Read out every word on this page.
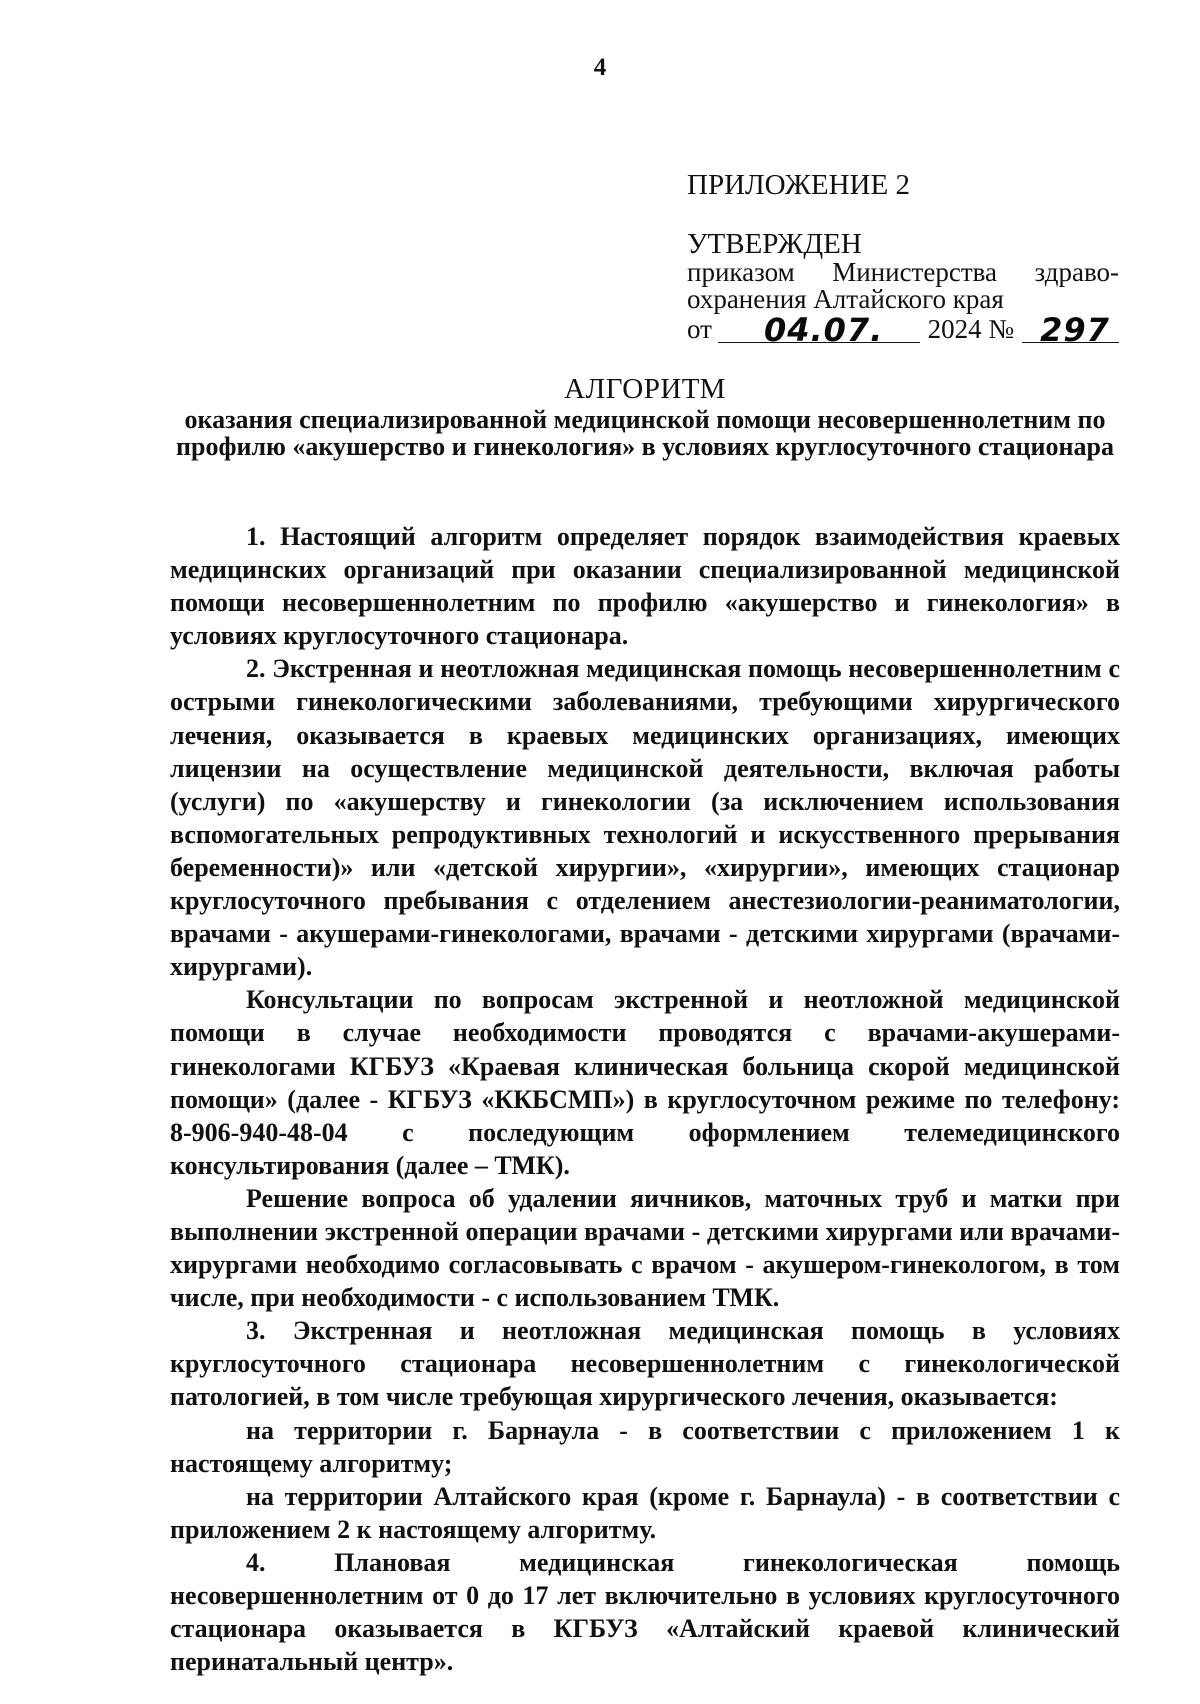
4
ПРИЛОЖЕНИЕ 2
УТВЕРЖДЕН
приказом Министерства здраво-
охранения Алтайского края
от 04.07. 2024 № 297
АЛГОРИТМ
оказания специализированной медицинской помощи несовершеннолетним по профилю «акушерство и гинекология» в условиях круглосуточного стационара

1. Настоящий алгоритм определяет порядок взаимодействия краевых медицинских организаций при оказании специализированной медицинской помощи несовершеннолетним по профилю «акушерство и гинекология» в условиях круглосуточного стационара.

2. Экстренная и неотложная медицинская помощь несовершеннолетним с острыми гинекологическими заболеваниями, требующими хирургического лечения, оказывается в краевых медицинских организациях, имеющих лицензии на осуществление медицинской деятельности, включая работы (услуги) по «акушерству и гинекологии (за исключением использования вспомогательных репродуктивных технологий и искусственного прерывания беременности)» или «детской хирургии», «хирургии», имеющих стационар круглосуточного пребывания с отделением анестезиологии-реаниматологии, врачами - акушерами-гинекологами, врачами - детскими хирургами (врачами-хирургами).

Консультации по вопросам экстренной и неотложной медицинской помощи в случае необходимости проводятся с врачами-акушерами-гинекологами КГБУЗ «Краевая клиническая больница скорой медицинской помощи» (далее - КГБУЗ «ККБСМП») в круглосуточном режиме по телефону: 8-906-940-48-04 с последующим оформлением телемедицинского консультирования (далее – ТМК).

Решение вопроса об удалении яичников, маточных труб и матки при выполнении экстренной операции врачами - детскими хирургами или врачами-хирургами необходимо согласовывать с врачом - акушером-гинекологом, в том числе, при необходимости - с использованием ТМК.

3. Экстренная и неотложная медицинская помощь в условиях круглосуточного стационара несовершеннолетним с гинекологической патологией, в том числе требующая хирургического лечения, оказывается:

на территории г. Барнаула - в соответствии с приложением 1 к настоящему алгоритму;

на территории Алтайского края (кроме г. Барнаула) - в соответствии с приложением 2 к настоящему алгоритму.

4. Плановая медицинская гинекологическая помощь несовершеннолетним от 0 до 17 лет включительно в условиях круглосуточного стационара оказывается в КГБУЗ «Алтайский краевой клинический перинатальный центр».
